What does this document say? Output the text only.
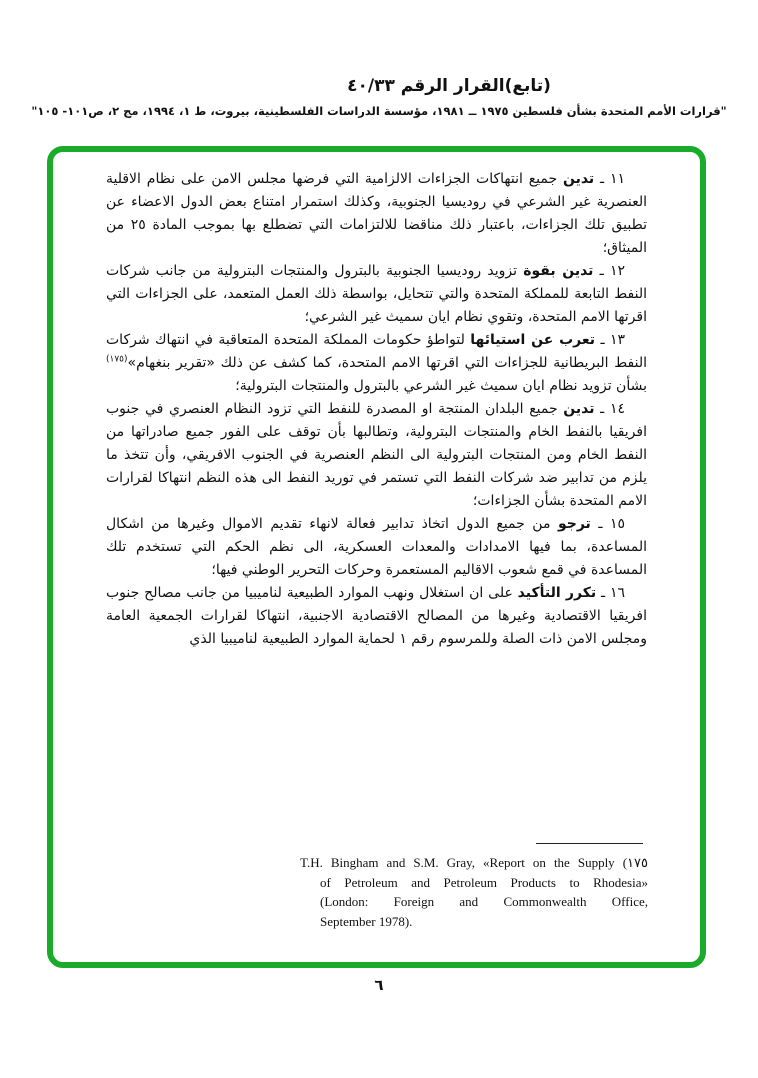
(تابع)القرار الرقم ٤٠/٣٣
"قرارات الأمم المتحدة بشأن فلسطين ١٩٧٥ ــ ١٩٨١، مؤسسة الدراسات الفلسطينية، بيروت، ط ١، ١٩٩٤، مج ٢، ص١٠١- ١٠٥"

١١ ـ تدين جميع انتهاكات الجزاءات الالزامية التي فرضها مجلس الامن على نظام الاقلية العنصرية غير الشرعي في روديسيا الجنوبية، وكذلك استمرار امتناع بعض الدول الاعضاء عن تطبيق تلك الجزاءات، باعتبار ذلك مناقضا للالتزامات التي تضطلع بها بموجب المادة ٢٥ من الميثاق؛

١٢ ـ تدين بقوة تزويد روديسيا الجنوبية بالبترول والمنتجات البترولية من جانب شركات النفط التابعة للمملكة المتحدة والتي تتحايل، بواسطة ذلك العمل المتعمد، على الجزاءات التي اقرتها الامم المتحدة، وتقوي نظام ايان سميث غير الشرعي؛

١٣ ـ تعرب عن استيائها لتواطؤ حكومات المملكة المتحدة المتعاقبة في انتهاك شركات النفط البريطانية للجزاءات التي اقرتها الامم المتحدة، كما كشف عن ذلك «تقرير بنغهام»$^{(١٧٥)}$ بشأن تزويد نظام ايان سميث غير الشرعي بالبترول والمنتجات البترولية؛

١٤ ـ تدين جميع البلدان المنتجة او المصدرة للنفط التي تزود النظام العنصري في جنوب افريقيا بالنفط الخام والمنتجات البترولية، وتطالبها بأن توقف على الفور جميع صادراتها من النفط الخام ومن المنتجات البترولية الى النظم العنصرية في الجنوب الافريقي، وأن تتخذ ما يلزم من تدابير ضد شركات النفط التي تستمر في توريد النفط الى هذه النظم انتهاكا لقرارات الامم المتحدة بشأن الجزاءات؛

١٥ ـ ترجو من جميع الدول اتخاذ تدابير فعالة لانهاء تقديم الاموال وغيرها من اشكال المساعدة، بما فيها الامدادات والمعدات العسكرية، الى نظم الحكم التي تستخدم تلك المساعدة في قمع شعوب الاقاليم المستعمرة وحركات التحرير الوطني فيها؛

١٦ ـ تكرر التأكيد على ان استغلال ونهب الموارد الطبيعية لناميبيا من جانب مصالح جنوب افريقيا الاقتصادية وغيرها من المصالح الاقتصادية الاجنبية، انتهاكا لقرارات الجمعية العامة ومجلس الامن ذات الصلة وللمرسوم رقم ١ لحماية الموارد الطبيعية لناميبيا الذي

T.H. Bingham and S.M. Gray, «Report on the Supply (١٧٥
of Petroleum and Petroleum Products to Rhodesia»
(London: Foreign and Commonwealth Office,
September 1978).
٦
